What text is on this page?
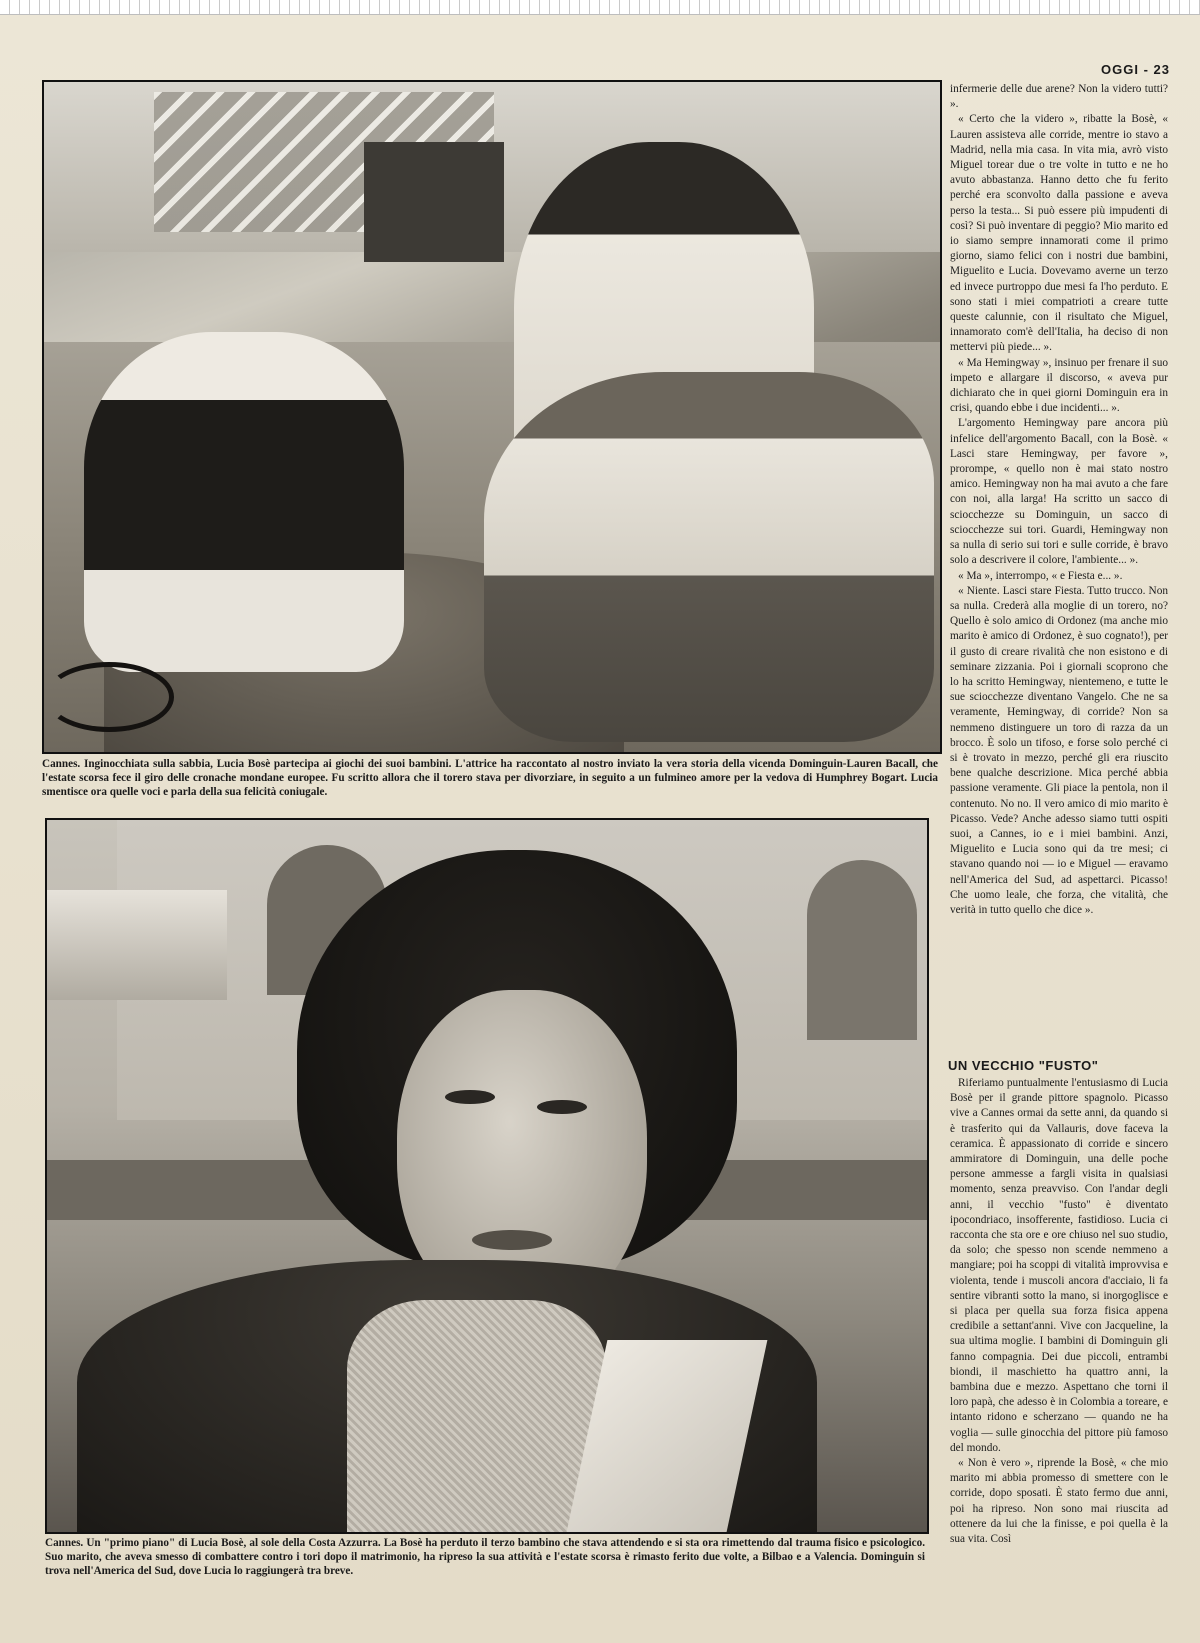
OGGI - 23
Cannes. Inginocchiata sulla sabbia, Lucia Bosè partecipa ai giochi dei suoi bambini. L'attrice ha raccontato al nostro inviato la vera storia della vicenda Dominguin-Lauren Bacall, che l'estate scorsa fece il giro delle cronache mondane europee. Fu scritto allora che il torero stava per divorziare, in seguito a un fulmineo amore per la vedova di Humphrey Bogart. Lucia smentisce ora quelle voci e parla della sua felicità coniugale.
Cannes. Un "primo piano" di Lucia Bosè, al sole della Costa Azzurra. La Bosè ha perduto il terzo bambino che stava attendendo e si sta ora rimettendo dal trauma fisico e psicologico. Suo marito, che aveva smesso di combattere contro i tori dopo il matrimonio, ha ripreso la sua attività e l'estate scorsa è rimasto ferito due volte, a Bilbao e a Valencia. Dominguin si trova nell'America del Sud, dove Lucia lo raggiungerà tra breve.

infermerie delle due arene? Non la videro tutti? ».

« Certo che la videro », ribatte la Bosè, « Lauren assisteva alle corride, mentre io stavo a Madrid, nella mia casa. In vita mia, avrò visto Miguel torear due o tre volte in tutto e ne ho avuto abbastanza. Hanno detto che fu ferito perché era sconvolto dalla passione e aveva perso la testa... Si può essere più impudenti di così? Si può inventare di peggio? Mio marito ed io siamo sempre innamorati come il primo giorno, siamo felici con i nostri due bambini, Miguelito e Lucia. Dovevamo averne un terzo ed invece purtroppo due mesi fa l'ho perduto. E sono stati i miei compatrioti a creare tutte queste calunnie, con il risultato che Miguel, innamorato com'è dell'Italia, ha deciso di non mettervi più piede... ».

« Ma Hemingway », insinuo per frenare il suo impeto e allargare il discorso, « aveva pur dichiarato che in quei giorni Dominguin era in crisi, quando ebbe i due incidenti... ».

L'argomento Hemingway pare ancora più infelice dell'argomento Bacall, con la Bosè. « Lasci stare Hemingway, per favore », prorompe, « quello non è mai stato nostro amico. Hemingway non ha mai avuto a che fare con noi, alla larga! Ha scritto un sacco di sciocchezze su Dominguin, un sacco di sciocchezze sui tori. Guardi, Hemingway non sa nulla di serio sui tori e sulle corride, è bravo solo a descrivere il colore, l'ambiente... ».

« Ma », interrompo, « e Fiesta e... ».

« Niente. Lasci stare Fiesta. Tutto trucco. Non sa nulla. Crederà alla moglie di un torero, no? Quello è solo amico di Ordonez (ma anche mio marito è amico di Ordonez, è suo cognato!), per il gusto di creare rivalità che non esistono e di seminare zizzania. Poi i giornali scoprono che lo ha scritto Hemingway, nientemeno, e tutte le sue sciocchezze diventano Vangelo. Che ne sa veramente, Hemingway, di corride? Non sa nemmeno distinguere un toro di razza da un brocco. È solo un tifoso, e forse solo perché ci si è trovato in mezzo, perché gli era riuscito bene qualche descrizione. Mica perché abbia passione veramente. Gli piace la pentola, non il contenuto. No no. Il vero amico di mio marito è Picasso. Vede? Anche adesso siamo tutti ospiti suoi, a Cannes, io e i miei bambini. Anzi, Miguelito e Lucia sono qui da tre mesi; ci stavano quando noi — io e Miguel — eravamo nell'America del Sud, ad aspettarci. Picasso! Che uomo leale, che forza, che vitalità, che verità in tutto quello che dice ».

UN VECCHIO "FUSTO"

Riferiamo puntualmente l'entusiasmo di Lucia Bosè per il grande pittore spagnolo. Picasso vive a Cannes ormai da sette anni, da quando si è trasferito qui da Vallauris, dove faceva la ceramica. È appassionato di corride e sincero ammiratore di Dominguin, una delle poche persone ammesse a fargli visita in qualsiasi momento, senza preavviso. Con l'andar degli anni, il vecchio "fusto" è diventato ipocondriaco, insofferente, fastidioso. Lucia ci racconta che sta ore e ore chiuso nel suo studio, da solo; che spesso non scende nemmeno a mangiare; poi ha scoppi di vitalità improvvisa e violenta, tende i muscoli ancora d'acciaio, li fa sentire vibranti sotto la mano, si inorgoglisce e si placa per quella sua forza fisica appena credibile a settant'anni. Vive con Jacqueline, la sua ultima moglie. I bambini di Dominguin gli fanno compagnia. Dei due piccoli, entrambi biondi, il maschietto ha quattro anni, la bambina due e mezzo. Aspettano che torni il loro papà, che adesso è in Colombia a toreare, e intanto ridono e scherzano — quando ne ha voglia — sulle ginocchia del pittore più famoso del mondo.

« Non è vero », riprende la Bosè, « che mio marito mi abbia promesso di smettere con le corride, dopo sposati. È stato fermo due anni, poi ha ripreso. Non sono mai riuscita ad ottenere da lui che la finisse, e poi quella è la sua vita. Così
